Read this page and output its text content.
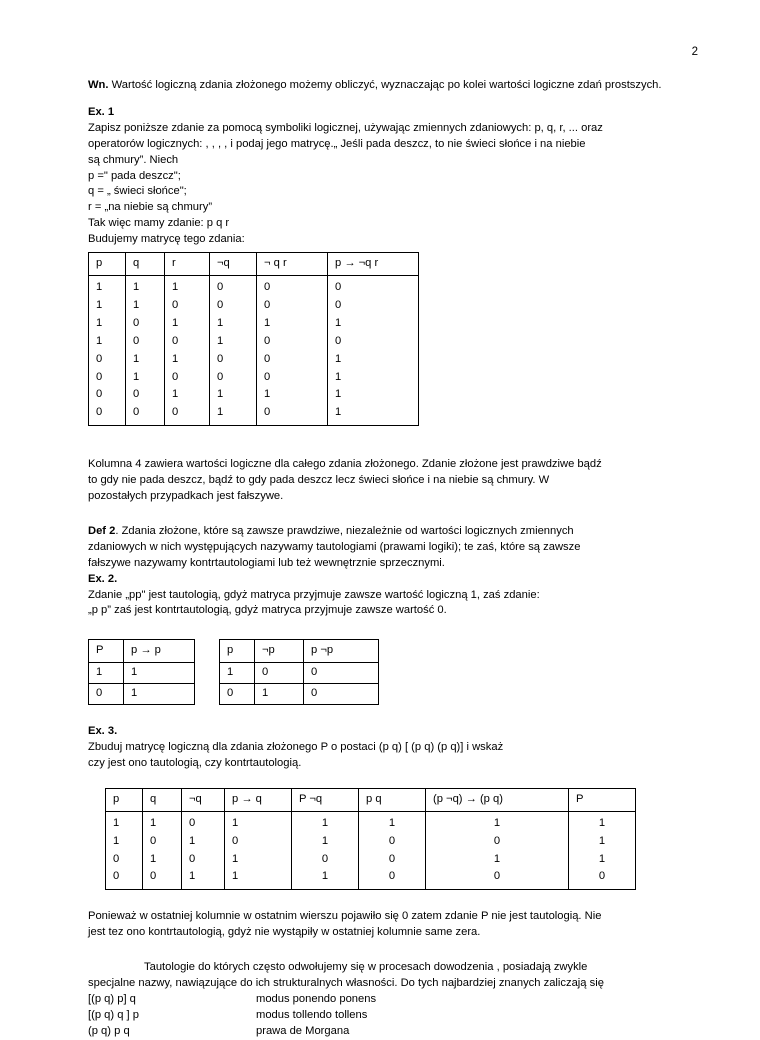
2

Wn. Wartość logiczną zdania złożonego możemy obliczyć, wyznaczając po kolei wartości logiczne zdań prostszych.

Ex. 1

Zapisz poniższe zdanie za pomocą symboliki logicznej, używając zmiennych zdaniowych: p, q, r, ... oraz

operatorów logicznych: , , , , i podaj jego matrycę.„ Jeśli pada deszcz, to nie świeci słońce i na niebie

są chmury”. Niech

p =" pada deszcz";

q = „ świeci słońce";

r = „na niebie są chmury”

Tak więc mamy zdanie: p q r

Budujemy matrycę tego zdania:

p	q	r	¬q	¬ q r	p → ¬q r
1	1	1	0	0	0
1	1	0	0	0	0
1	0	1	1	1	1
1	0	0	1	0	0
0	1	1	0	0	1
0	1	0	0	0	1
0	0	1	1	1	1
0	0	0	1	0	1

Kolumna 4 zawiera wartości logiczne dla całego zdania złożonego. Zdanie złożone jest prawdziwe bądź

to gdy nie pada deszcz, bądź to gdy pada deszcz lecz świeci słońce i na niebie są chmury. W

pozostałych przypadkach jest fałszywe.

Def 2. Zdania złożone, które są zawsze prawdziwe, niezależnie od wartości logicznych zmiennych

zdaniowych w nich występujących nazywamy tautologiami (prawami logiki); te zaś, które są zawsze

fałszywe nazywamy kontrtautologiami lub też wewnętrznie sprzecznymi.

Ex. 2.

Zdanie „pp" jest tautologią, gdyż matryca przyjmuje zawsze wartość logiczną 1, zaś zdanie:

„p p” zaś jest kontrtautologią, gdyż matryca przyjmuje zawsze wartość 0.

P	p → p
1	1
0	1
p	¬p	p ¬p
1	0	0
0	1	0

Ex. 3.

Zbuduj matrycę logiczną dla zdania złożonego P o postaci (p q) [ (p q) (p q)] i wskaż

czy jest ono tautologią, czy kontrtautologią.

p	q	¬q	p → q	P ¬q	p q	(p ¬q) → (p q)	P
1	1	0	1	1	1	1	1
1	0	1	0	1	0	0	1
0	1	0	1	0	0	1	1
0	0	1	1	1	0	0	0

Ponieważ w ostatniej kolumnie w ostatnim wierszu pojawiło się 0 zatem zdanie P nie jest tautologią. Nie

jest tez ono kontrtautologią, gdyż nie wystąpiły w ostatniej kolumnie same zera.

Tautologie do których często odwołujemy się w procesach dowodzenia , posiadają zwykle

specjalne nazwy, nawiązujące do ich strukturalnych własności. Do tych najbardziej znanych zaliczają się

[(p q) p] q	modus ponendo ponens
[(p q) q ] p	modus tollendo tollens
(p q) p q	prawa de Morgana
